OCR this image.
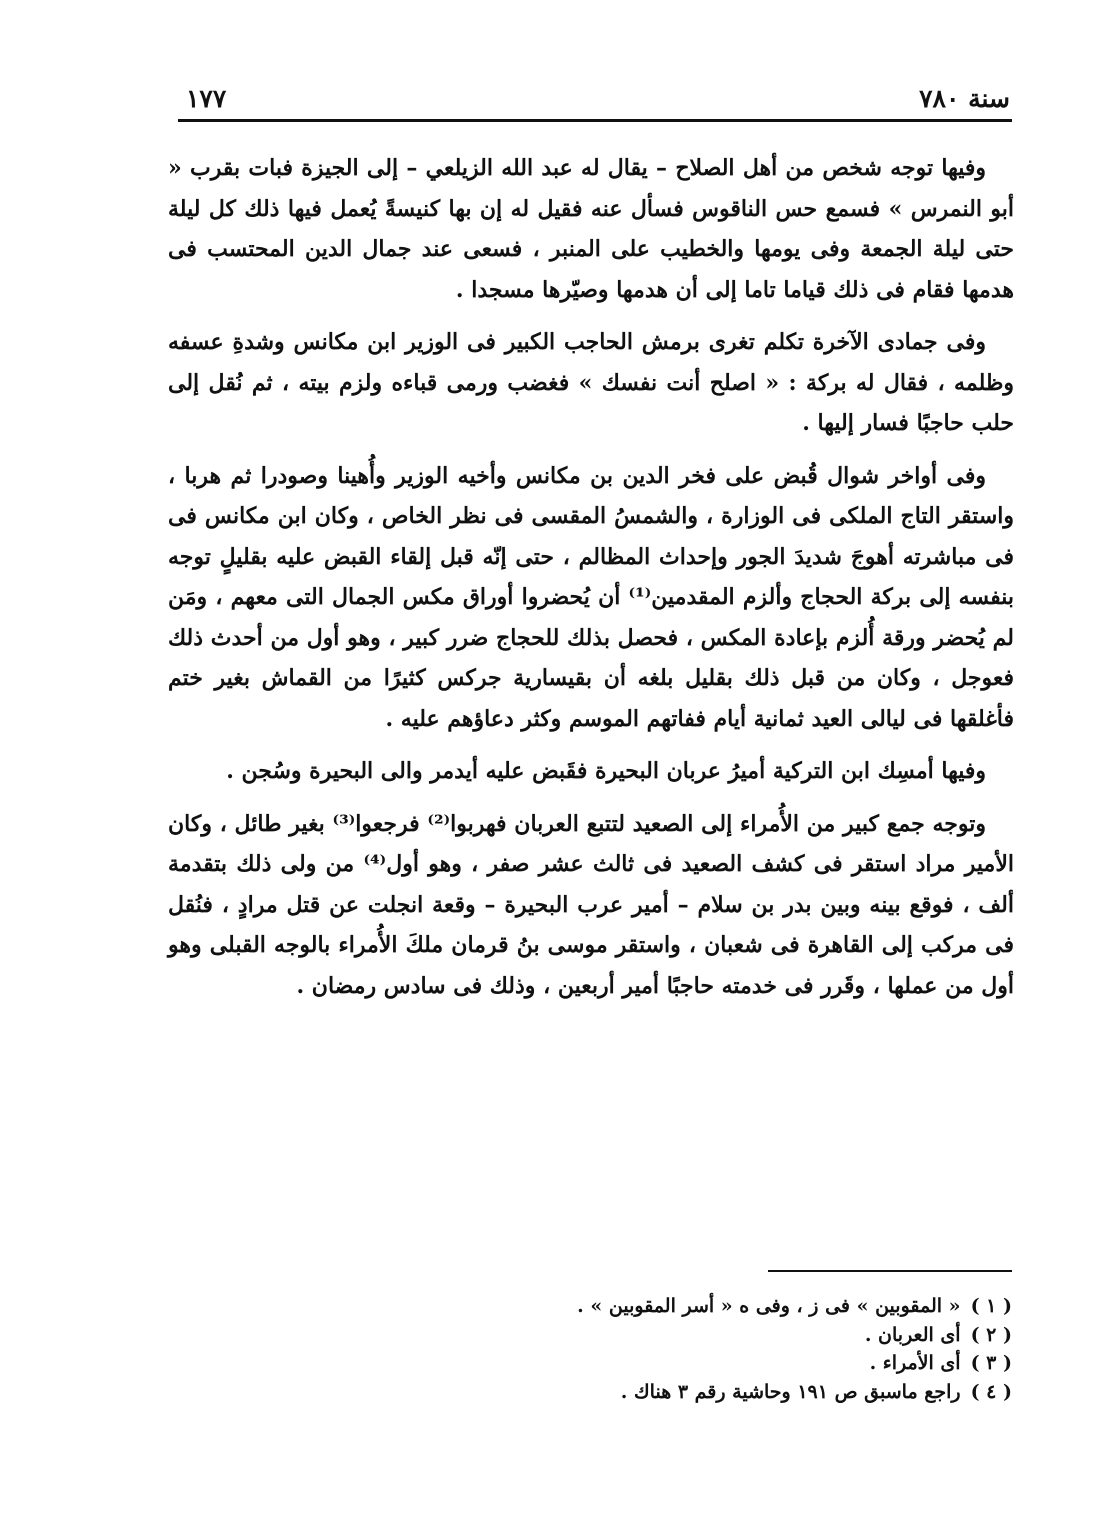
سنة ٧٨٠
١٧٧

وفيها توجه شخص من أهل الصلاح – يقال له عبد الله الزيلعي – إلى الجيزة فبات بقرب « أبو النمرس » فسمع حس الناقوس فسأل عنه فقيل له إن بها كنيسةً يُعمل فيها ذلك كل ليلة حتى ليلة الجمعة وفى يومها والخطيب على المنبر ، فسعى عند جمال الدين المحتسب فى هدمها فقام فى ذلك قياما تاما إلى أن هدمها وصيّرها مسجدا .

وفى جمادى الآخرة تكلم تغرى برمش الحاجب الكبير فى الوزير ابن مكانس وشدةِ عسفه وظلمه ، فقال له بركة : « اصلح أنت نفسك » فغضب ورمى قباءه ولزم بيته ، ثم نُقل إلى حلب حاجبًا فسار إليها .

وفى أواخر شوال قُبض على فخر الدين بن مكانس وأخيه الوزير وأُهينا وصودرا ثم هربا ، واستقر التاج الملكى فى الوزارة ، والشمسُ المقسى فى نظر الخاص ، وكان ابن مكانس فى فى مباشرته أهوجَ شديدَ الجور وإحداث المظالم ، حتى إنّه قبل إلقاء القبض عليه بقليلٍ توجه بنفسه إلى بركة الحجاج وألزم المقدمين⁽¹⁾ أن يُحضروا أوراق مكس الجمال التى معهم ، ومَن لم يُحضر ورقة أُلزم بإعادة المكس ، فحصل بذلك للحجاج ضرر كبير ، وهو أول من أحدث ذلك فعوجل ، وكان من قبل ذلك بقليل بلغه أن بقيسارية جركس كثيرًا من القماش بغير ختم فأغلقها فى ليالى العيد ثمانية أيام ففاتهم الموسم وكثر دعاؤهم عليه .

وفيها أمسِك ابن التركية أميرُ عربان البحيرة فقَبض عليه أيدمر والى البحيرة وسُجن .

وتوجه جمع كبير من الأُمراء إلى الصعيد لتتبع العربان فهربوا⁽²⁾ فرجعوا⁽³⁾ بغير طائل ، وكان الأمير مراد استقر فى كشف الصعيد فى ثالث عشر صفر ، وهو أول⁽⁴⁾ من ولى ذلك بتقدمة ألف ، فوقع بينه وبين بدر بن سلام – أمير عرب البحيرة – وقعة انجلت عن قتل مرادٍ ، فنُقل فى مركب إلى القاهرة فى شعبان ، واستقر موسى بنُ قرمان ملكَ الأُمراء بالوجه القبلى وهو أول من عملها ، وقَرر فى خدمته حاجبًا أمير أربعين ، وذلك فى سادس رمضان .

( ١ )« المقوبين » فى ز ، وفى ه « أسر المقوبين » .
( ٢ )أى العربان .
( ٣ )أى الأمراء .
( ٤ )راجع ماسبق ص ١٩١ وحاشية رقم ٣ هناك .
